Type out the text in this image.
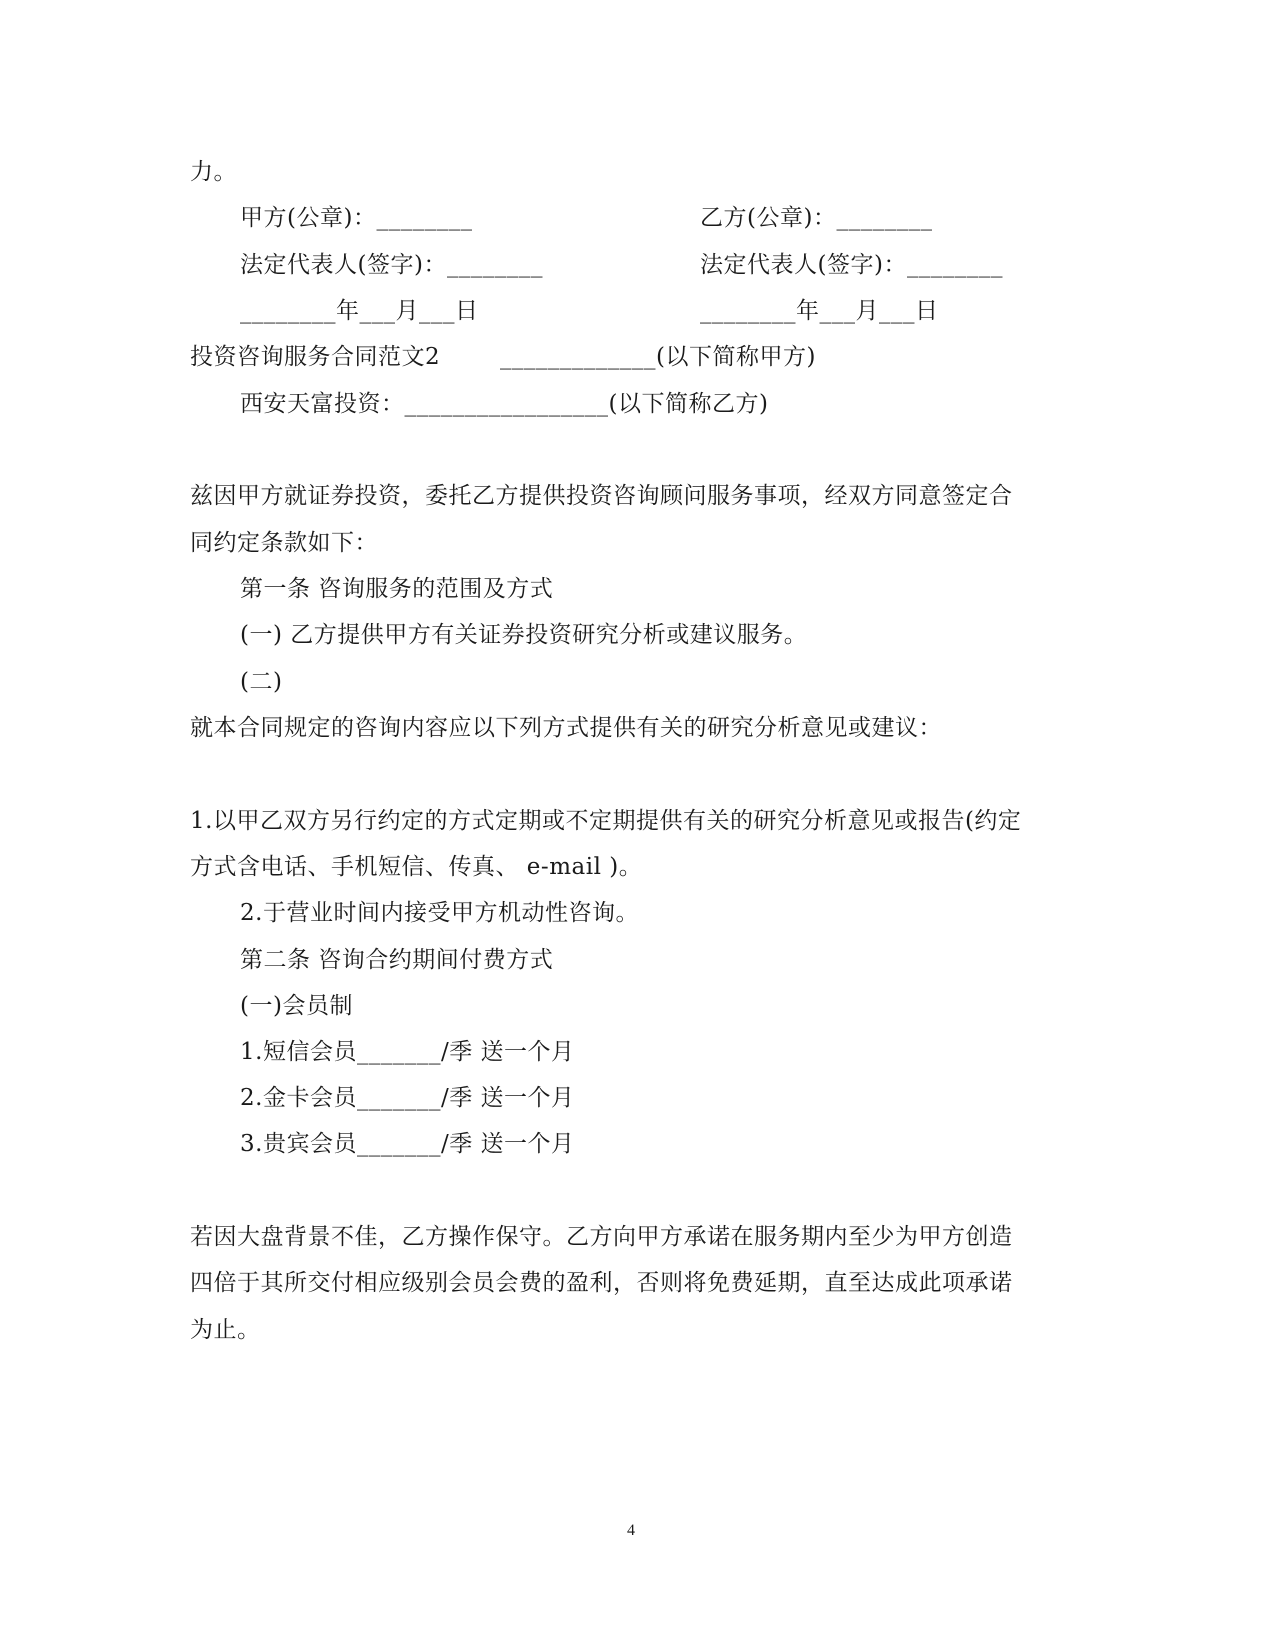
力。
甲方(公章)：________	乙方(公章)：________
法定代表人(签字)：________	法定代表人(签字)：________
________年___月___日	________年___月___日
投资咨询服务合同范文2	_____________(以下简称甲方)
西安天富投资：_________________(以下简称乙方)
兹因甲方就证券投资，委托乙方提供投资咨询顾问服务事项，经双方同意签定合
同约定条款如下：
第一条 咨询服务的范围及方式
(一) 乙方提供甲方有关证券投资研究分析或建议服务。
(二)
就本合同规定的咨询内容应以下列方式提供有关的研究分析意见或建议：
1.以甲乙双方另行约定的方式定期或不定期提供有关的研究分析意见或报告(约定
方式含电话、手机短信、传真、 e-mail )。
2.于营业时间内接受甲方机动性咨询。
第二条 咨询合约期间付费方式
(一)会员制
1.短信会员_______/季 送一个月
2.金卡会员_______/季 送一个月
3.贵宾会员_______/季 送一个月
若因大盘背景不佳，乙方操作保守。乙方向甲方承诺在服务期内至少为甲方创造
四倍于其所交付相应级别会员会费的盈利，否则将免费延期，直至达成此项承诺
为止。
4
